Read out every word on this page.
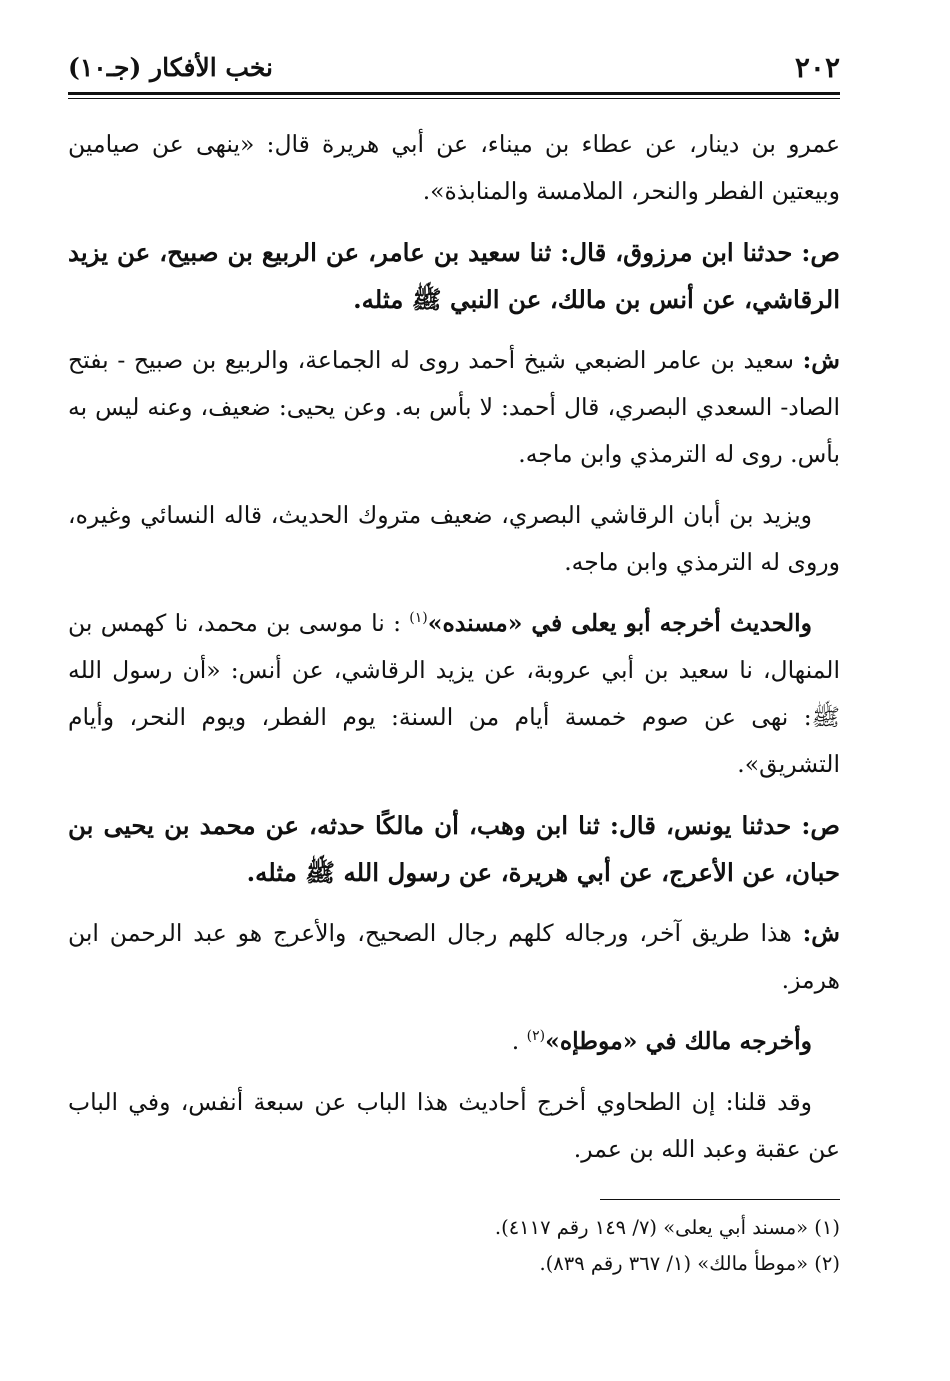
٢٠٢
نخب الأفكار (جـ١٠)

عمرو بن دينار، عن عطاء بن ميناء، عن أبي هريرة قال: «ينهى عن صيامين وبيعتين الفطر والنحر، الملامسة والمنابذة».

ص: حدثنا ابن مرزوق، قال: ثنا سعيد بن عامر، عن الربيع بن صبيح، عن يزيد الرقاشي، عن أنس بن مالك، عن النبي ﷺ مثله.

ش: سعيد بن عامر الضبعي شيخ أحمد روى له الجماعة، والربيع بن صبيح - بفتح الصاد- السعدي البصري، قال أحمد: لا بأس به. وعن يحيى: ضعيف، وعنه ليس به بأس. روى له الترمذي وابن ماجه.

ويزيد بن أبان الرقاشي البصري، ضعيف متروك الحديث، قاله النسائي وغيره، وروى له الترمذي وابن ماجه.

والحديث أخرجه أبو يعلى في «مسنده»$^{(١)}$ : نا موسى بن محمد، نا كهمس بن المنهال، نا سعيد بن أبي عروبة، عن يزيد الرقاشي، عن أنس: «أن رسول الله ﷺ: نهى عن صوم خمسة أيام من السنة: يوم الفطر، ويوم النحر، وأيام التشريق».

ص: حدثنا يونس، قال: ثنا ابن وهب، أن مالكًا حدثه، عن محمد بن يحيى بن حبان، عن الأعرج، عن أبي هريرة، عن رسول الله ﷺ مثله.

ش: هذا طريق آخر، ورجاله كلهم رجال الصحيح، والأعرج هو عبد الرحمن ابن هرمز.

وأخرجه مالك في «موطإه»$^{(٢)}$ .

وقد قلنا: إن الطحاوي أخرج أحاديث هذا الباب عن سبعة أنفس، وفي الباب عن عقبة وعبد الله بن عمر.

(١) «مسند أبي يعلى» (٧/ ١٤٩ رقم ٤١١٧).

(٢) «موطأ مالك» (١/ ٣٦٧ رقم ٨٣٩).
